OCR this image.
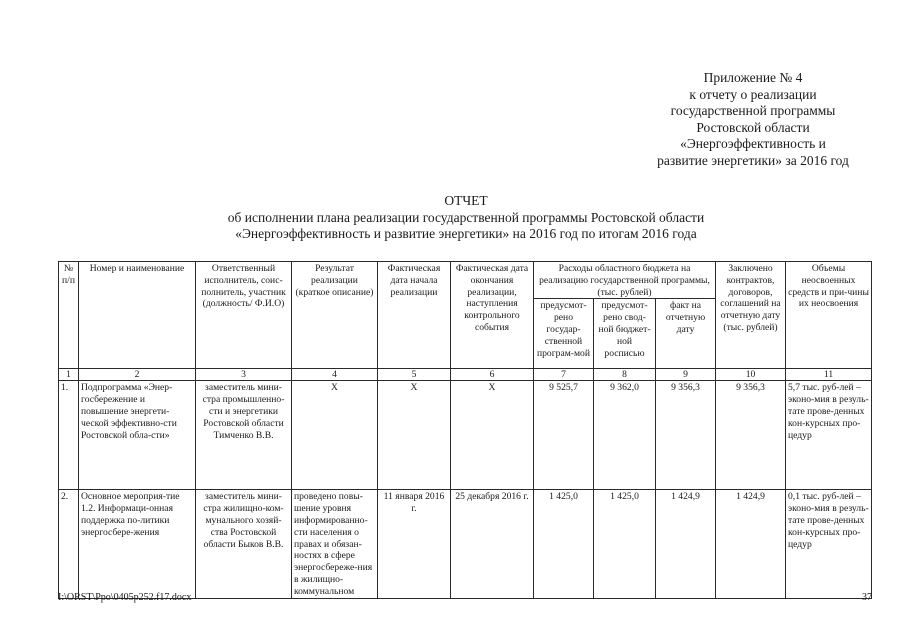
Приложение № 4
к отчету о реализации
государственной программы
Ростовской области
«Энергоэффективность и
развитие энергетики» за 2016 год
ОТЧЕТ
об исполнении плана реализации государственной программы Ростовской области
«Энергоэффективность и развитие энергетики» на 2016 год по итогам 2016 года
№ п/п	Номер и наименование	Ответственный исполнитель, соис-полнитель, участник (должность/ Ф.И.О)	Результат реализации (краткое описание)	Фактическая дата начала реализации	Фактическая дата окончания реализации, наступления контрольного события	Расходы областного бюджета на реализацию государственной программы, (тыс. рублей)			Заключено контрактов, договоров, соглашений на отчетную дату (тыс. рублей)	Объемы неосвоенных средств и при-чины их неосвоения
						предусмот-рено государ-ственной програм-мой	предусмот-рено свод-ной бюджет-ной росписью	факт на отчетную дату		
1	2	3	4	5	6	7	8	9	10	11
1.	Подпрограмма «Энер-госбережение и повышение энергети-ческой эффективно-сти Ростовской обла-сти»	заместитель мини-стра промышленно-сти и энергетики Ростовской области Тимченко В.В.	Х	Х	Х	9 525,7	9 362,0	9 356,3	9 356,3	5,7 тыс. руб-лей – эконо-мия в резуль-тате прове-денных кон-курсных про-цедур
2.	Основное мероприя-тие 1.2. Информаци-онная поддержка по-литики энергосбере-жения	заместитель мини-стра жилищно-ком-мунального хозяй-ства Ростовской области Быков В.В.	проведено повы-шение уровня информированно-сти населения о правах и обязан-ностях в сфере энергосбереже-ния в жилищно-коммунальном	11 января 2016 г.	25 декабря 2016 г.	1 425,0	1 425,0	1 424,9	1 424,9	0,1 тыс. руб-лей – эконо-мия в резуль-тате прове-денных кон-курсных про-цедур
I:\ORST\Ppo\0405p252.f17.docx	37
